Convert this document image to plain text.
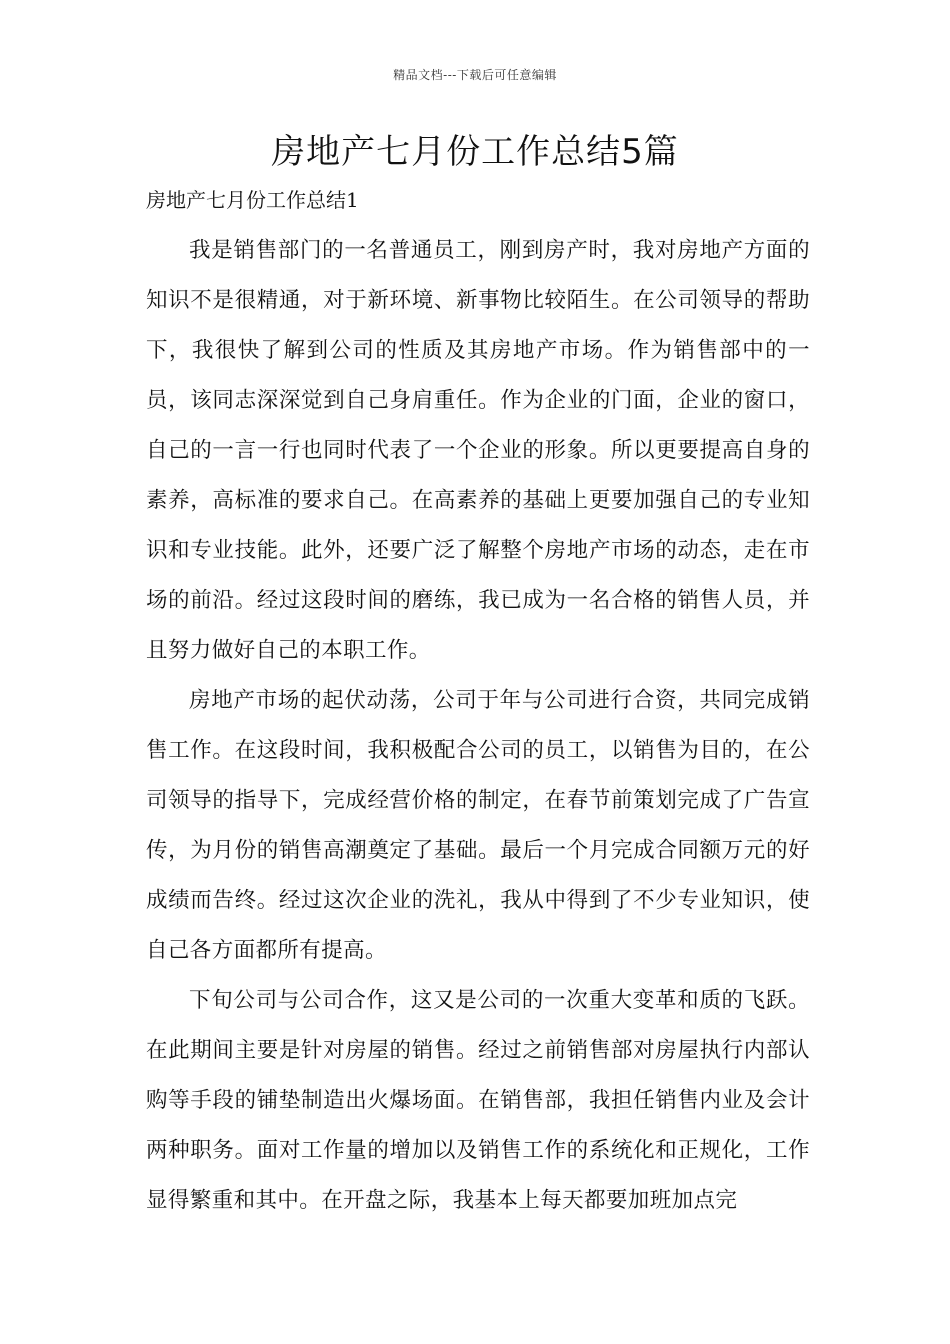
精品文档---下载后可任意编辑
房地产七月份工作总结5篇
房地产七月份工作总结1

我是销售部门的一名普通员工，刚到房产时，我对房地产方面的知识不是很精通，对于新环境、新事物比较陌生。在公司领导的帮助下，我很快了解到公司的性质及其房地产市场。作为销售部中的一员，该同志深深觉到自己身肩重任。作为企业的门面，企业的窗口，自己的一言一行也同时代表了一个企业的形象。所以更要提高自身的素养，高标准的要求自己。在高素养的基础上更要加强自己的专业知识和专业技能。此外，还要广泛了解整个房地产市场的动态，走在市场的前沿。经过这段时间的磨练，我已成为一名合格的销售人员，并且努力做好自己的本职工作。

房地产市场的起伏动荡，公司于年与公司进行合资，共同完成销售工作。在这段时间，我积极配合公司的员工，以销售为目的，在公司领导的指导下，完成经营价格的制定，在春节前策划完成了广告宣传，为月份的销售高潮奠定了基础。最后一个月完成合同额万元的好成绩而告终。经过这次企业的洗礼，我从中得到了不少专业知识，使自己各方面都所有提高。

下旬公司与公司合作，这又是公司的一次重大变革和质的飞跃。在此期间主要是针对房屋的销售。经过之前销售部对房屋执行内部认购等手段的铺垫制造出火爆场面。在销售部，我担任销售内业及会计两种职务。面对工作量的增加以及销售工作的系统化和正规化，工作显得繁重和其中。在开盘之际，我基本上每天都要加班加点完
